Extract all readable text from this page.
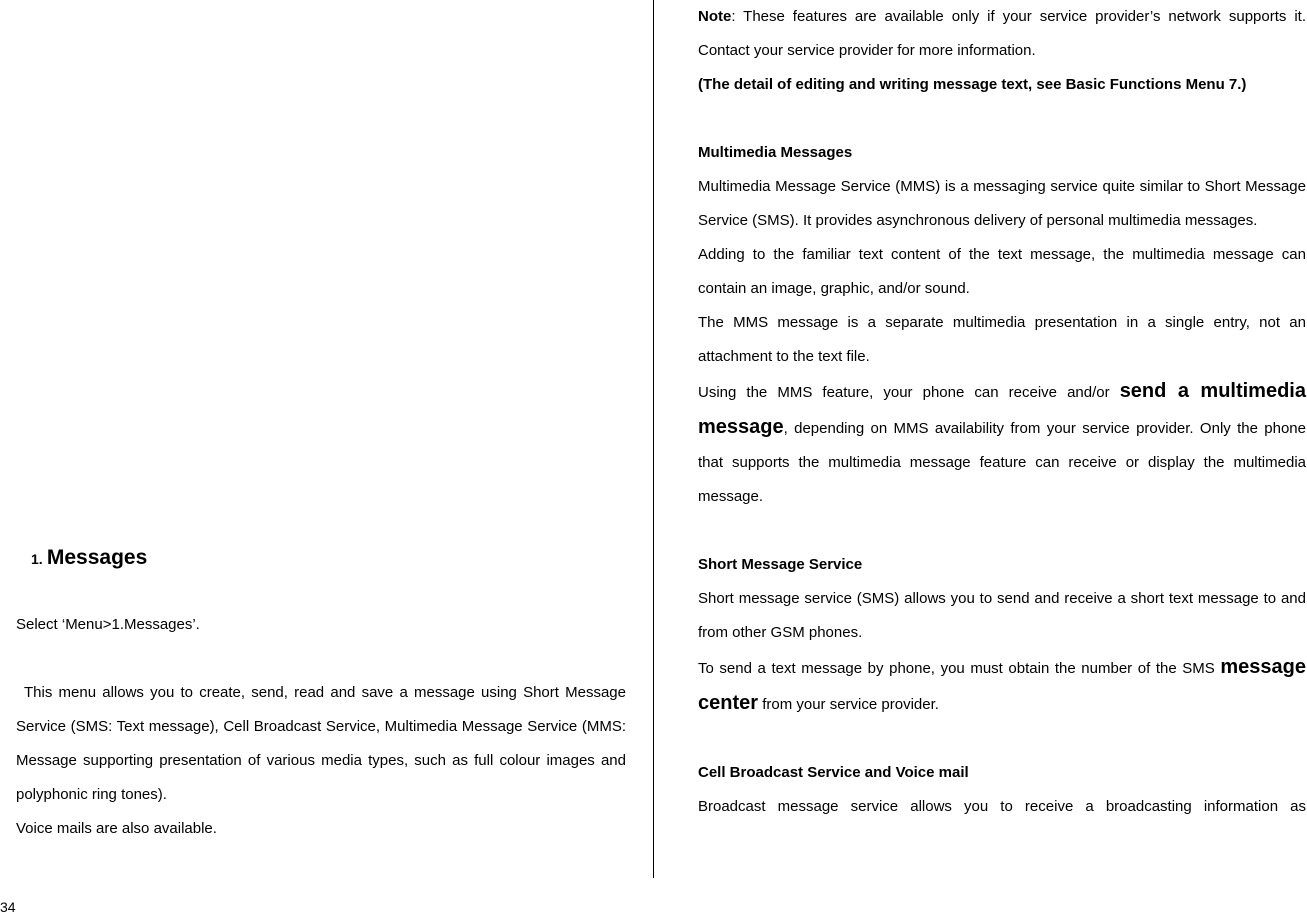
1. Messages

Select ‘Menu>1.Messages’.

This menu allows you to create, send, read and save a message using Short Message Service (SMS: Text message), Cell Broadcast Service, Multimedia Message Service (MMS: Message supporting presentation of various media types, such as full colour images and polyphonic ring tones).

Voice mails are also available.

Note: These features are available only if your service provider’s network supports it. Contact your service provider for more information.

(The detail of editing and writing message text, see Basic Functions Menu 7.)

Multimedia Messages

Multimedia Message Service (MMS) is a messaging service quite similar to Short Message Service (SMS). It provides asynchronous delivery of personal multimedia messages.

Adding to the familiar text content of the text message, the multimedia message can contain an image, graphic, and/or sound.

The MMS message is a separate multimedia presentation in a single entry, not an attachment to the text file.

Using the MMS feature, your phone can receive and/or send a multimedia message, depending on MMS availability from your service provider. Only the phone that supports the multimedia message feature can receive or display the multimedia message.

Short Message Service

Short message service (SMS) allows you to send and receive a short text message to and from other GSM phones.

To send a text message by phone, you must obtain the number of the SMS message center from your service provider.

Cell Broadcast Service and Voice mail

Broadcast message service allows you to receive a broadcasting information as

34
